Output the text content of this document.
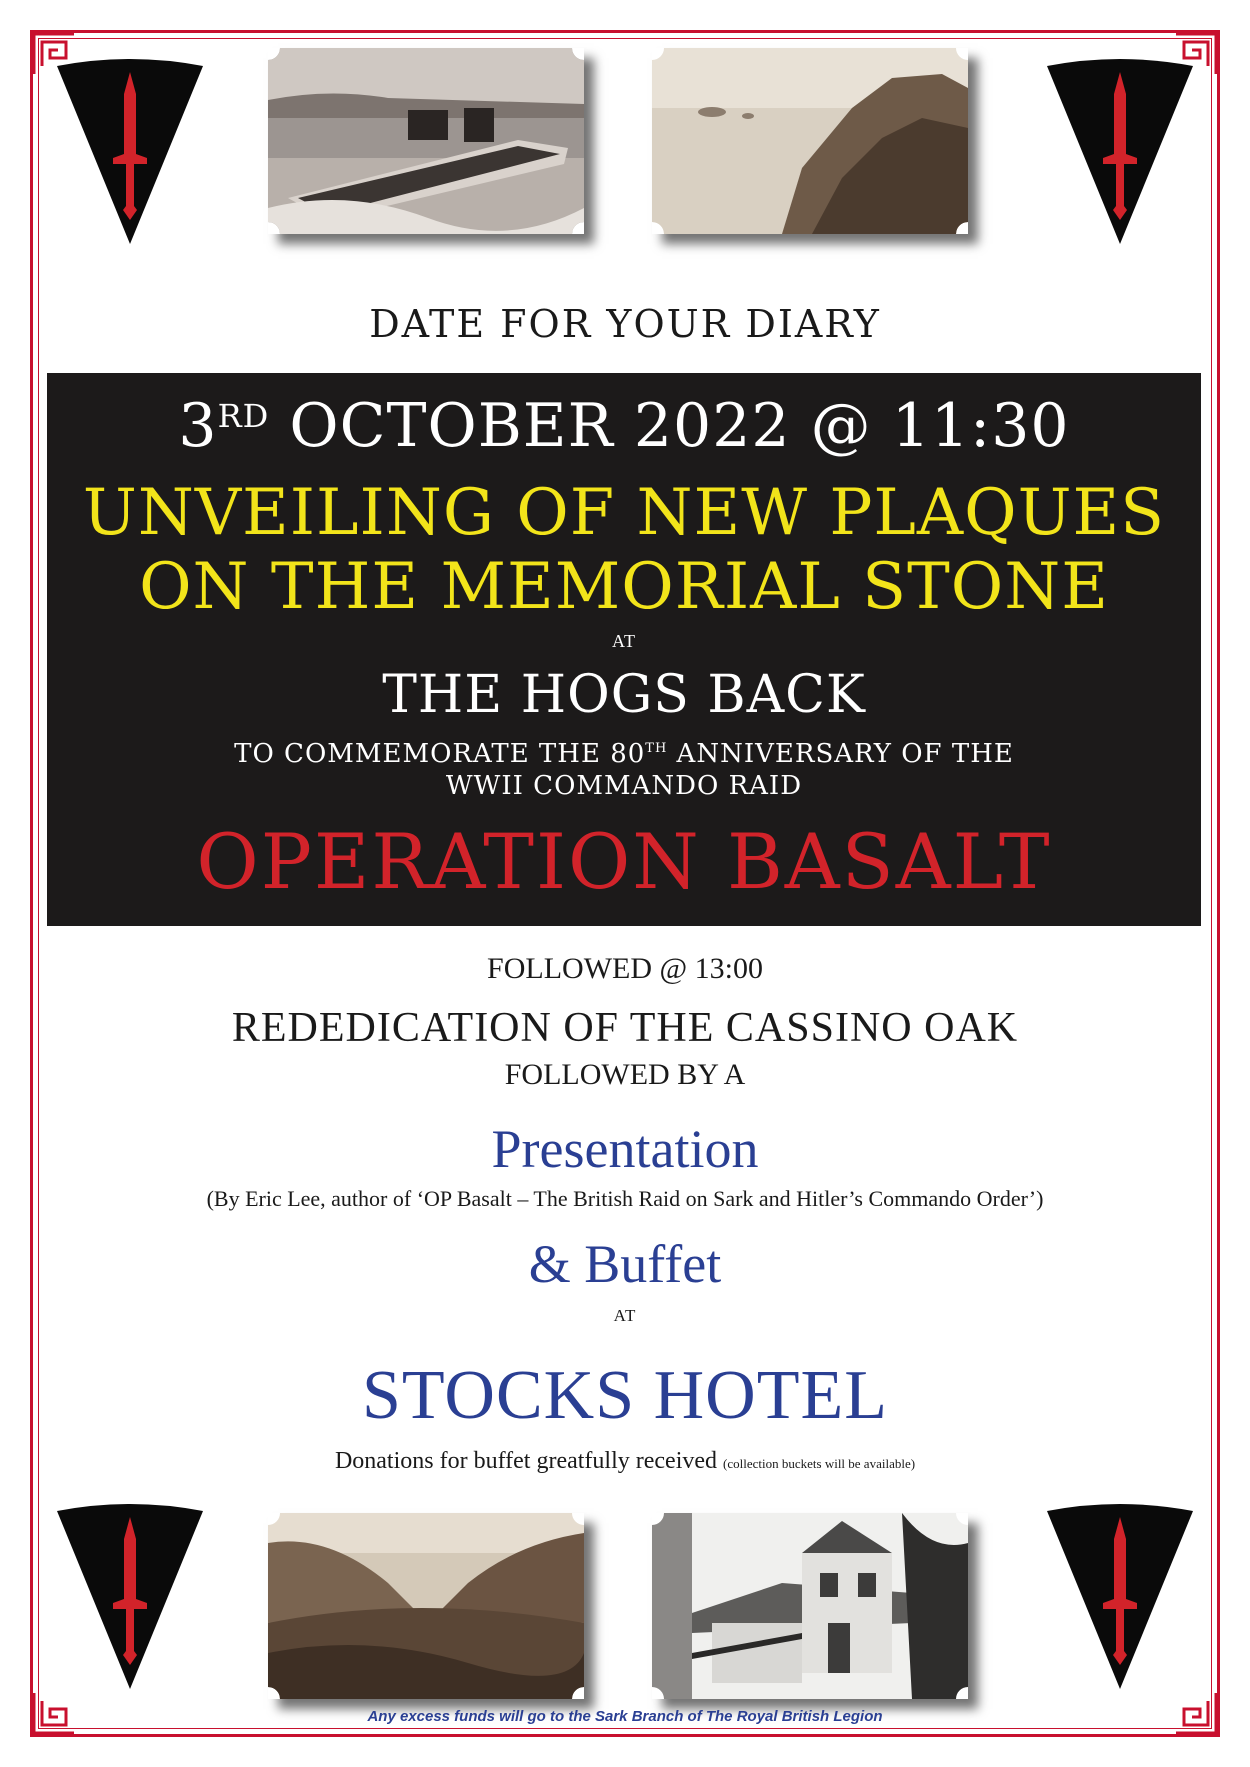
DATE FOR YOUR DIARY
3RD OCTOBER 2022 @ 11:30
UNVEILING OF NEW PLAQUES
ON THE MEMORIAL STONE
AT
THE HOGS BACK
TO COMMEMORATE THE 80TH ANNIVERSARY OF THE
WWII COMMANDO RAID
OPERATION BASALT
FOLLOWED @ 13:00
REDEDICATION OF THE CASSINO OAK
FOLLOWED BY A
Presentation
(By Eric Lee, author of ‘OP Basalt – The British Raid on Sark and Hitler’s Commando Order’)
& Buffet
AT
STOCKS HOTEL
Donations for buffet greatfully received (collection buckets will be available)
Any excess funds will go to the Sark Branch of The Royal British Legion
